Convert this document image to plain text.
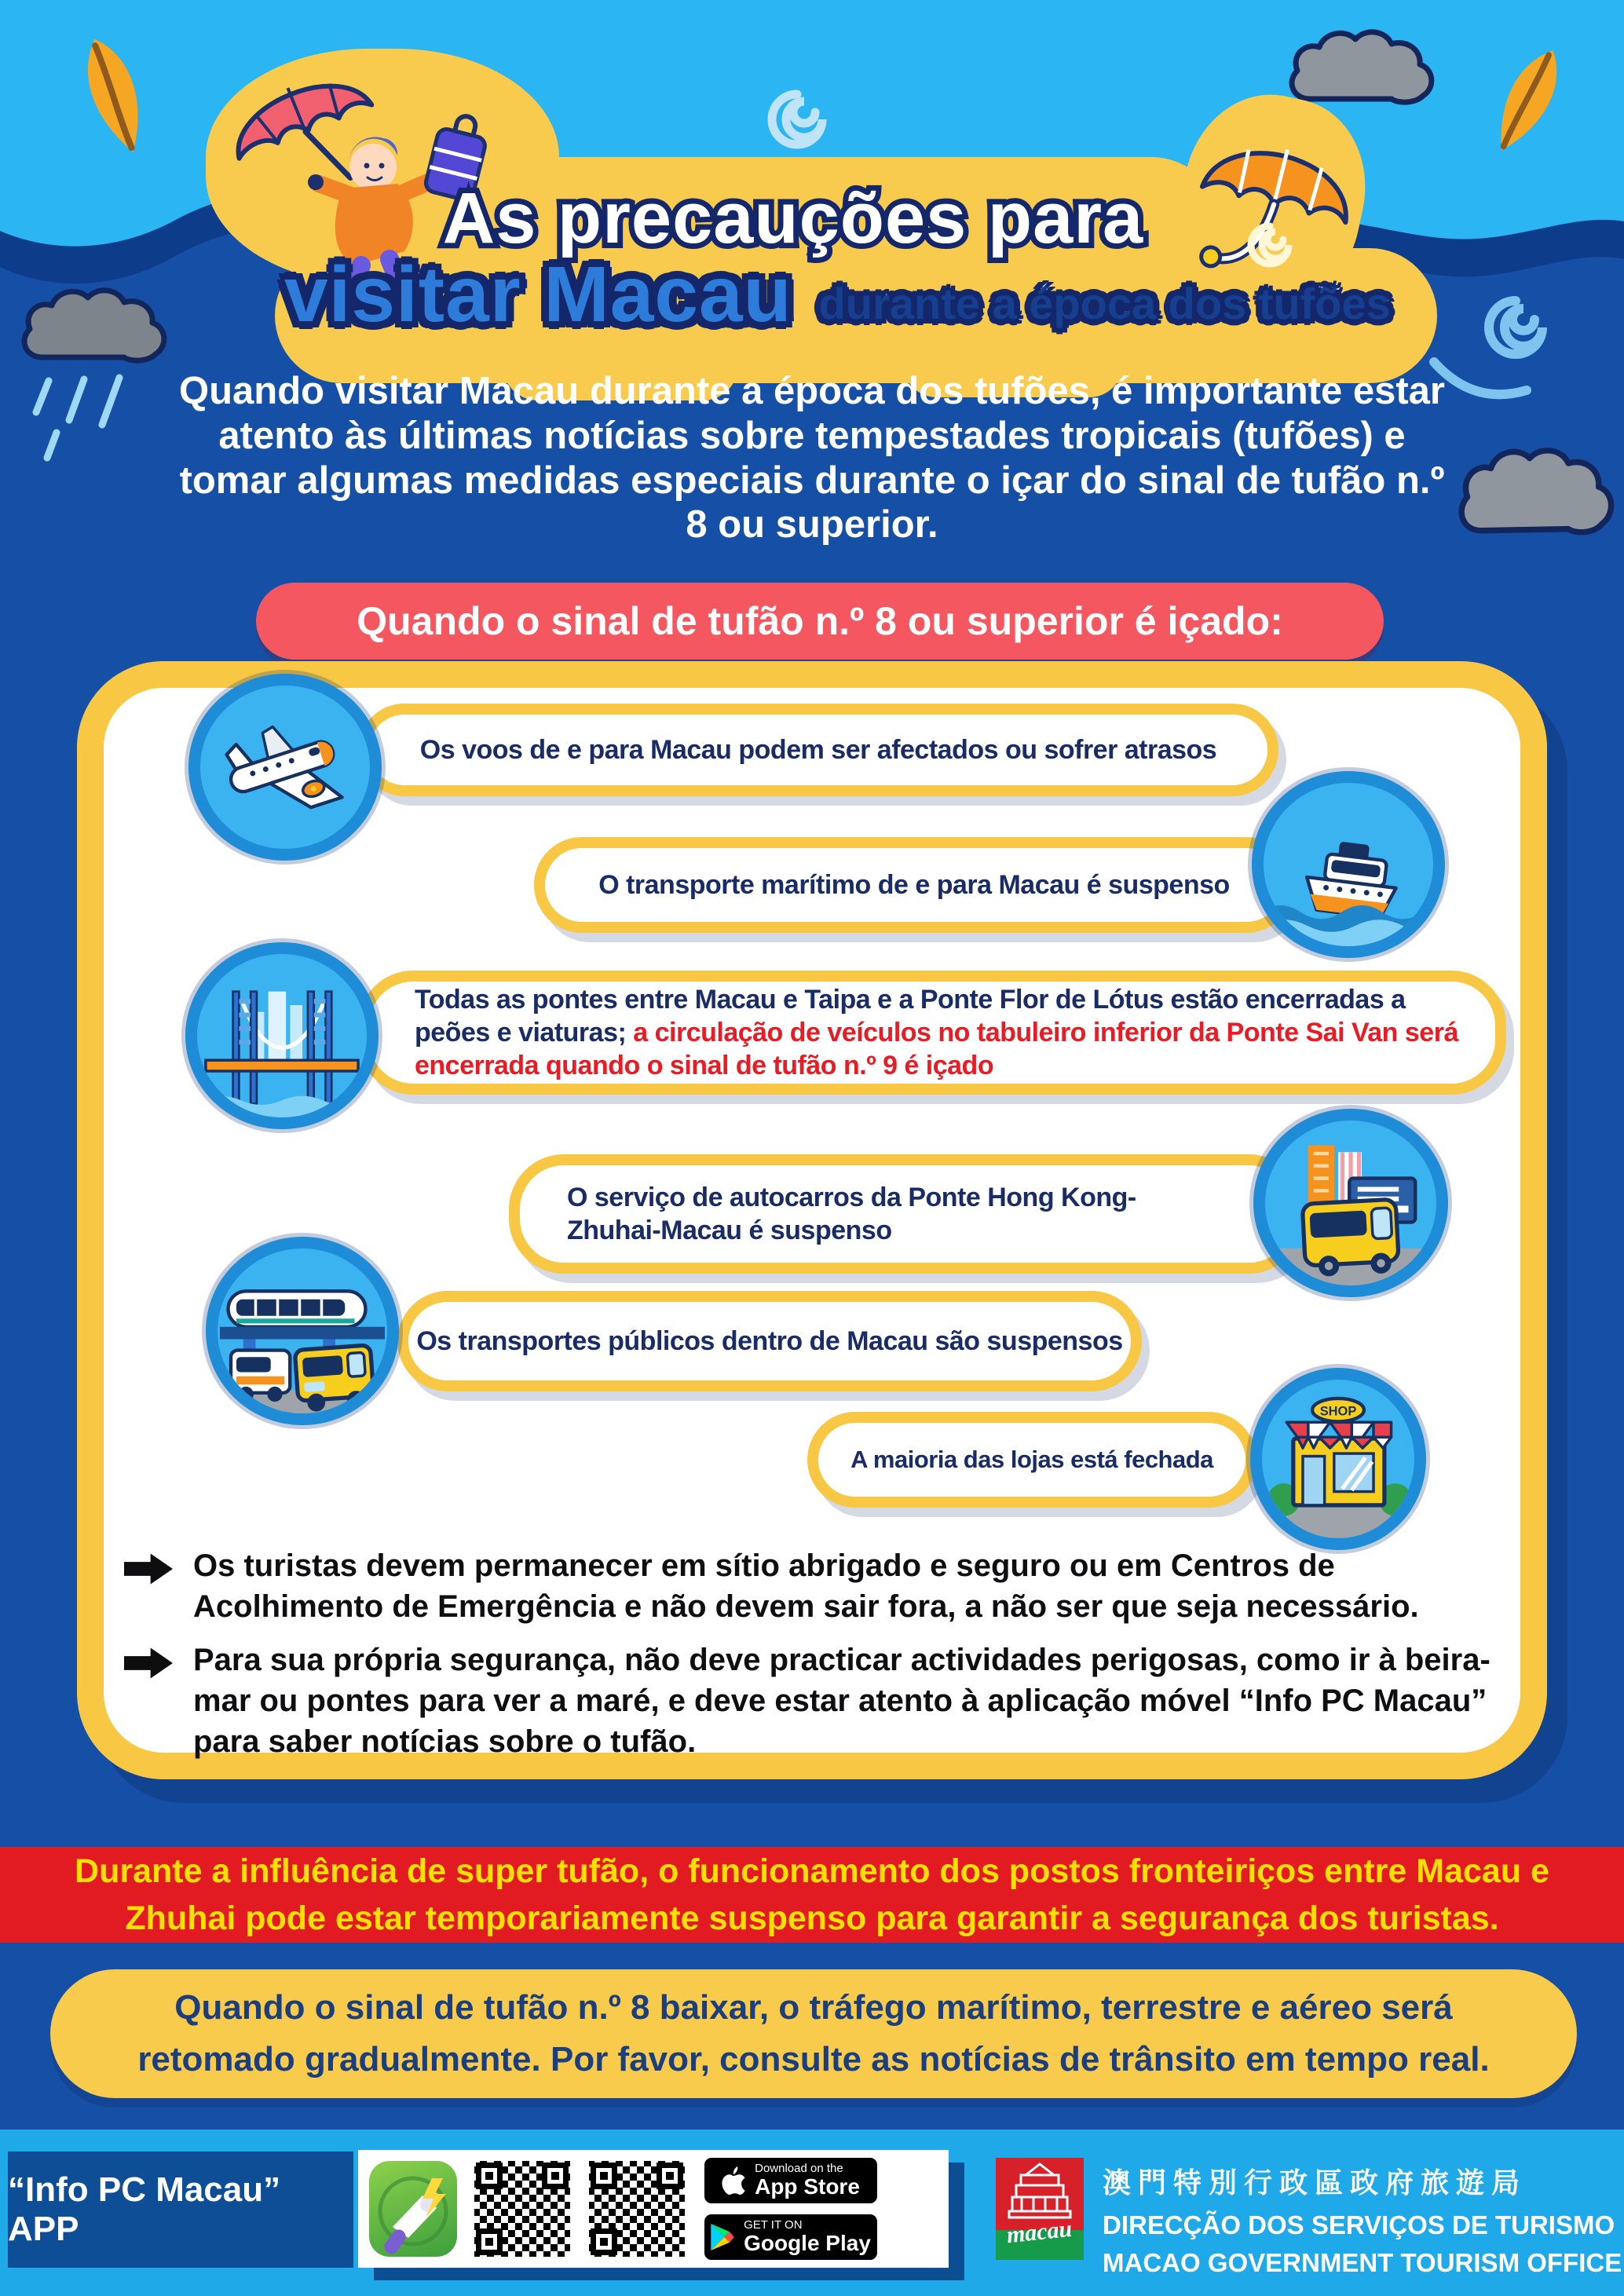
As precauções para
visitar Macau durante a época dos tufões
Quando visitar Macau durante a época dos tufões, é importante estar atento às últimas notícias sobre tempestades tropicais (tufões) e tomar algumas medidas especiais durante o içar do sinal de tufão n.º 8 ou superior.
Quando o sinal de tufão n.º 8 ou superior é içado:
Os voos de e para Macau podem ser afectados ou sofrer atrasos
O transporte marítimo de e para Macau é suspenso
Todas as pontes entre Macau e Taipa e a Ponte Flor de Lótus estão encerradas a peões e viaturas; a circulação de veículos no tabuleiro inferior da Ponte Sai Van será encerrada quando o sinal de tufão n.º 9 é içado
O serviço de autocarros da Ponte Hong Kong-Zhuhai-Macau é suspenso
Os transportes públicos dentro de Macau são suspensos
A maioria das lojas está fechada
SHOP
Os turistas devem permanecer em sítio abrigado e seguro ou em Centros de Acolhimento de Emergência e não devem sair fora, a não ser que seja necessário.
Para sua própria segurança, não deve practicar actividades perigosas, como ir à beira-mar ou pontes para ver a maré, e deve estar atento à aplicação móvel “Info PC Macau” para saber notícias sobre o tufão.
Durante a influência de super tufão, o funcionamento dos postos fronteiriços entre Macau e Zhuhai pode estar temporariamente suspenso para garantir a segurança dos turistas.
Quando o sinal de tufão n.º 8 baixar, o tráfego marítimo, terrestre e aéreo será retomado gradualmente. Por favor, consulte as notícias de trânsito em tempo real.
“Info PC Macau” APP
Download on the
App Store
GET IT ON
Google Play	macau
澳門特別行政區政府旅遊局
DIRECÇÃO DOS SERVIÇOS DE TURISMO
MACAO GOVERNMENT TOURISM OFFICE
